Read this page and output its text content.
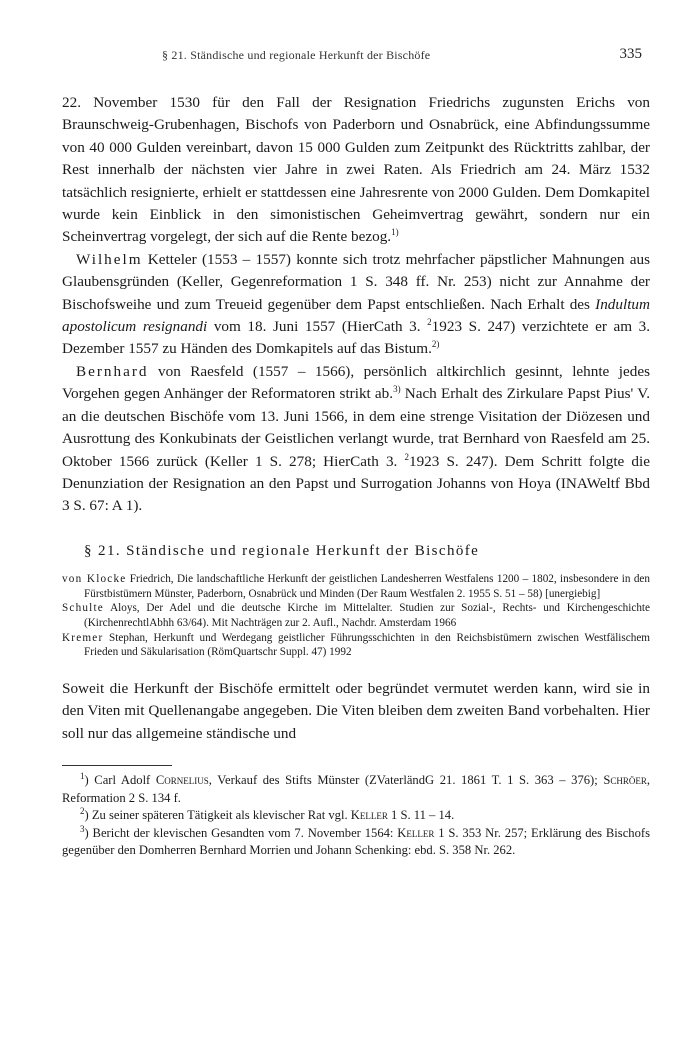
§ 21. Ständische und regionale Herkunft der Bischöfe	335

22. November 1530 für den Fall der Resignation Friedrichs zugunsten Erichs von Braunschweig-Grubenhagen, Bischofs von Paderborn und Osnabrück, eine Abfindungssumme von 40 000 Gulden vereinbart, davon 15 000 Gulden zum Zeitpunkt des Rücktritts zahlbar, der Rest innerhalb der nächsten vier Jahre in zwei Raten. Als Friedrich am 24. März 1532 tatsächlich resignierte, erhielt er stattdessen eine Jahresrente von 2000 Gulden. Dem Domkapitel wurde kein Einblick in den simonistischen Geheimvertrag gewährt, sondern nur ein Scheinvertrag vorgelegt, der sich auf die Rente bezog.$^{1)}$

Wilhelm Ketteler (1553 – 1557) konnte sich trotz mehrfacher päpstlicher Mahnungen aus Glaubensgründen (Keller, Gegenreformation 1 S. 348 ff. Nr. 253) nicht zur Annahme der Bischofsweihe und zum Treueid gegenüber dem Papst entschließen. Nach Erhalt des Indultum apostolicum resignandi vom 18. Juni 1557 (HierCath 3. $^2$1923 S. 247) verzichtete er am 3. Dezember 1557 zu Händen des Domkapitels auf das Bistum.$^{2)}$

Bernhard von Raesfeld (1557 – 1566), persönlich altkirchlich gesinnt, lehnte jedes Vorgehen gegen Anhänger der Reformatoren strikt ab.$^{3)}$ Nach Erhalt des Zirkulare Papst Pius' V. an die deutschen Bischöfe vom 13. Juni 1566, in dem eine strenge Visitation der Diözesen und Ausrottung des Konkubinats der Geistlichen verlangt wurde, trat Bernhard von Raesfeld am 25. Oktober 1566 zurück (Keller 1 S. 278; HierCath 3. $^2$1923 S. 247). Dem Schritt folgte die Denunziation der Resignation an den Papst und Surrogation Johanns von Hoya (INAWeltf Bbd 3 S. 67: A 1).

§ 21. Ständische und regionale Herkunft der Bischöfe

von Klocke Friedrich, Die landschaftliche Herkunft der geistlichen Landesherren Westfalens 1200 – 1802, insbesondere in den Fürstbistümern Münster, Paderborn, Osnabrück und Minden (Der Raum Westfalen 2. 1955 S. 51 – 58) [unergiebig]

Schulte Aloys, Der Adel und die deutsche Kirche im Mittelalter. Studien zur Sozial-, Rechts- und Kirchengeschichte (KirchenrechtlAbhh 63/64). Mit Nachträgen zur 2. Aufl., Nachdr. Amsterdam 1966

Kremer Stephan, Herkunft und Werdegang geistlicher Führungsschichten in den Reichsbistümern zwischen Westfälischem Frieden und Säkularisation (RömQuartschr Suppl. 47) 1992

Soweit die Herkunft der Bischöfe ermittelt oder begründet vermutet werden kann, wird sie in den Viten mit Quellenangabe angegeben. Die Viten bleiben dem zweiten Band vorbehalten. Hier soll nur das allgemeine ständische und

$^1$) Carl Adolf Cornelius, Verkauf des Stifts Münster (ZVaterländG 21. 1861 T. 1 S. 363 – 376); Schröer, Reformation 2 S. 134 f.

$^2$) Zu seiner späteren Tätigkeit als klevischer Rat vgl. Keller 1 S. 11 – 14.

$^3$) Bericht der klevischen Gesandten vom 7. November 1564: Keller 1 S. 353 Nr. 257; Erklärung des Bischofs gegenüber den Domherren Bernhard Morrien und Johann Schenking: ebd. S. 358 Nr. 262.
